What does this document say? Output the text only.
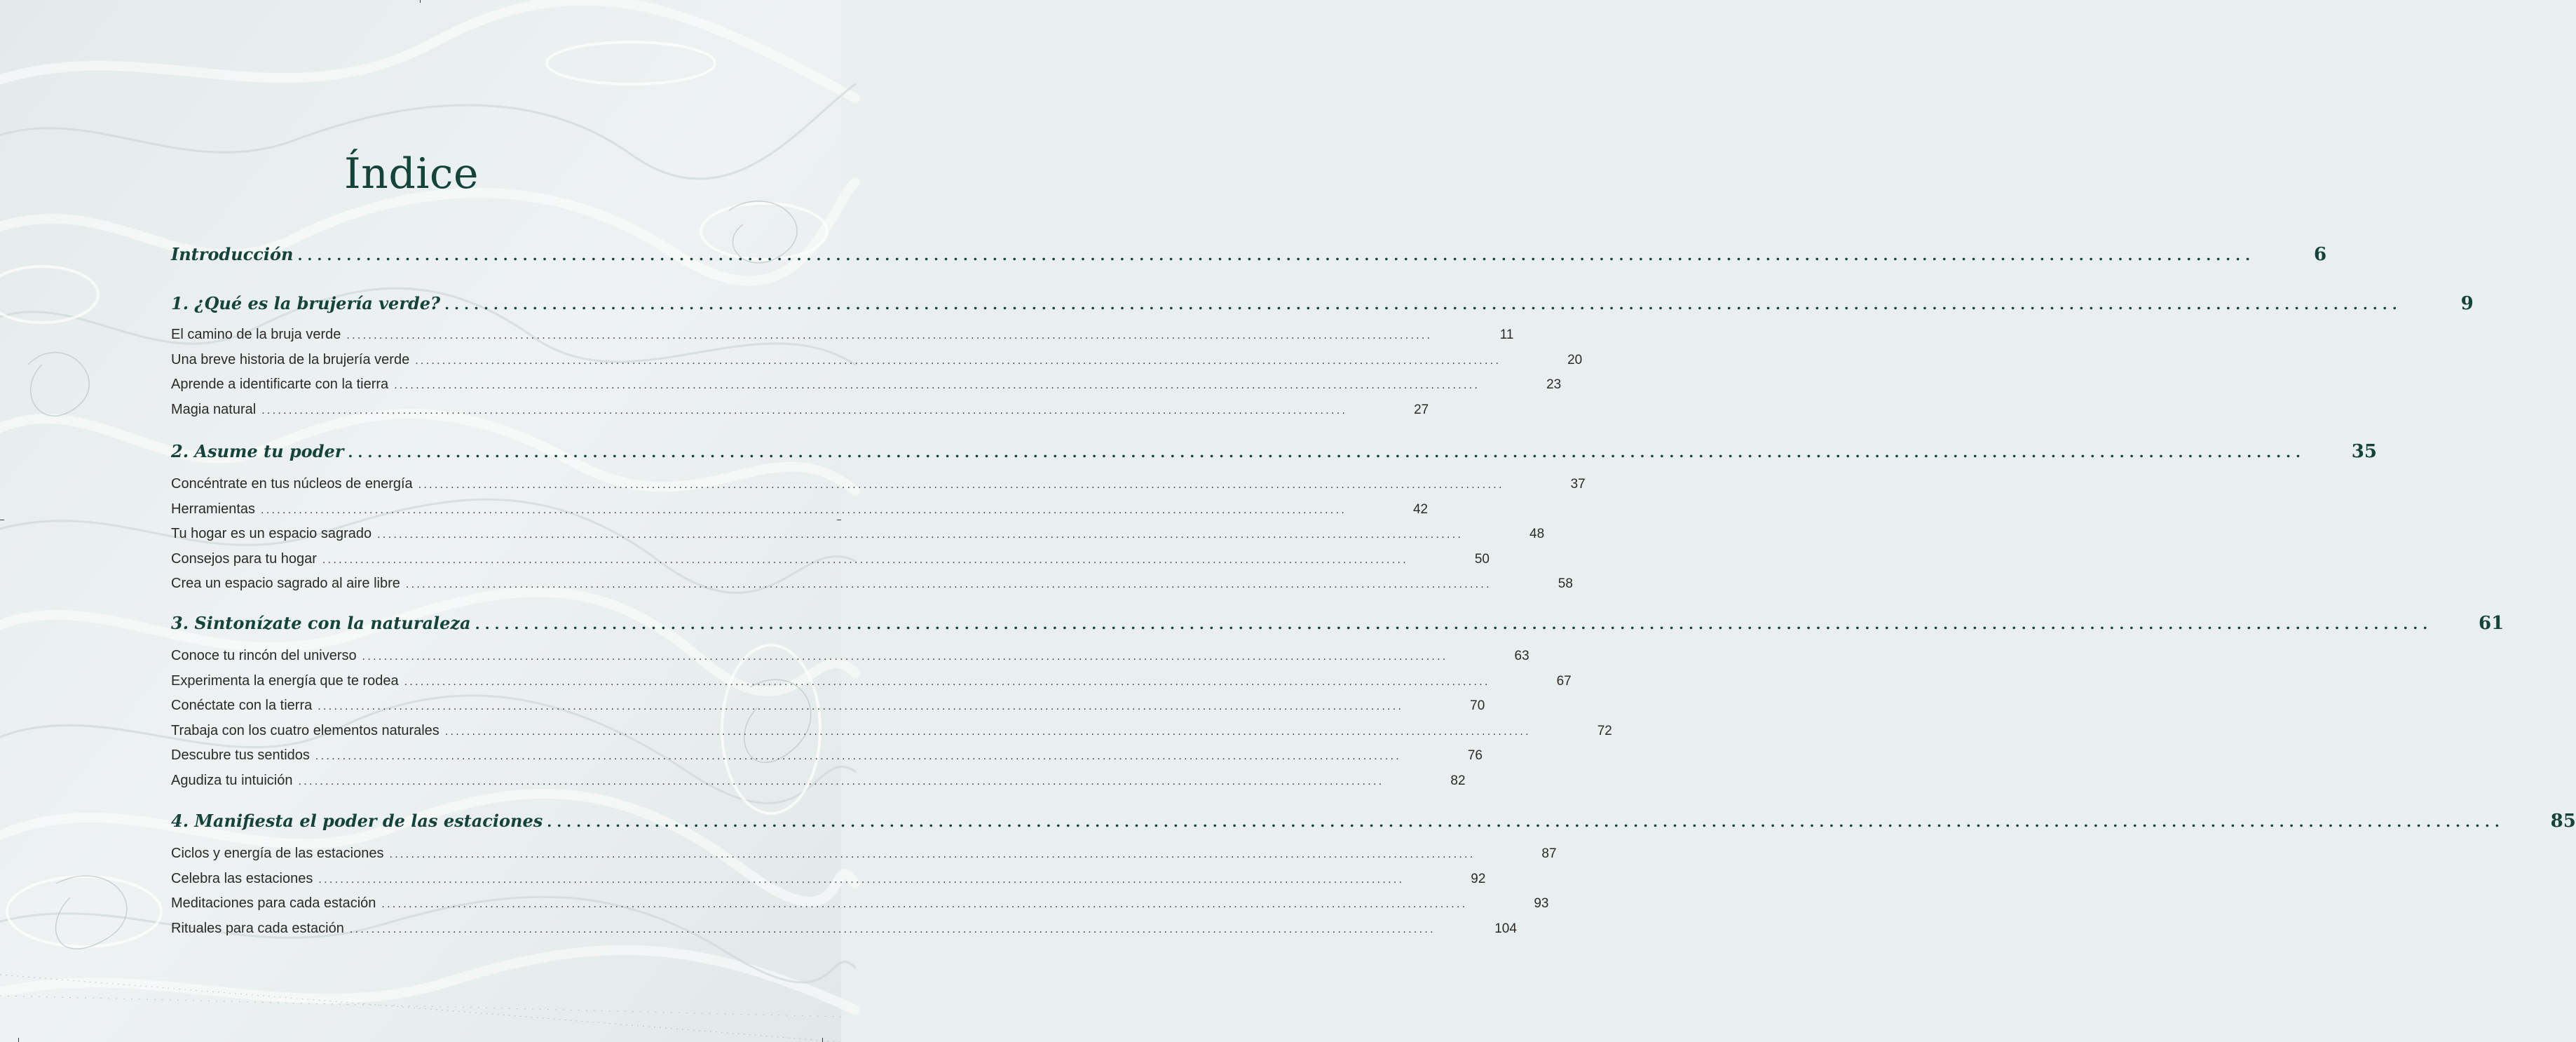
Índice
Introducción ........................................................................................................................................................................................................	6
1. ¿Qué es la brujería verde? ........................................................................................................................................................................................................	9
El camino de la bruja verde ........................................................................................................................................................................................................	11
Una breve historia de la brujería verde ........................................................................................................................................................................................................	20
Aprende a identificarte con la tierra ........................................................................................................................................................................................................	23
Magia natural ........................................................................................................................................................................................................	27
2. Asume tu poder ........................................................................................................................................................................................................	35
Concéntrate en tus núcleos de energía ........................................................................................................................................................................................................	37
Herramientas ........................................................................................................................................................................................................	42
Tu hogar es un espacio sagrado ........................................................................................................................................................................................................	48
Consejos para tu hogar ........................................................................................................................................................................................................	50
Crea un espacio sagrado al aire libre ........................................................................................................................................................................................................	58
3. Sintonízate con la naturaleza ........................................................................................................................................................................................................	61
Conoce tu rincón del universo ........................................................................................................................................................................................................	63
Experimenta la energía que te rodea ........................................................................................................................................................................................................	67
Conéctate con la tierra ........................................................................................................................................................................................................	70
Trabaja con los cuatro elementos naturales ........................................................................................................................................................................................................	72
Descubre tus sentidos ........................................................................................................................................................................................................	76
Agudiza tu intuición ........................................................................................................................................................................................................	82
4. Manifiesta el poder de las estaciones ........................................................................................................................................................................................................	85
Ciclos y energía de las estaciones ........................................................................................................................................................................................................	87
Celebra las estaciones ........................................................................................................................................................................................................	92
Meditaciones para cada estación ........................................................................................................................................................................................................	93
Rituales para cada estación ........................................................................................................................................................................................................	104
